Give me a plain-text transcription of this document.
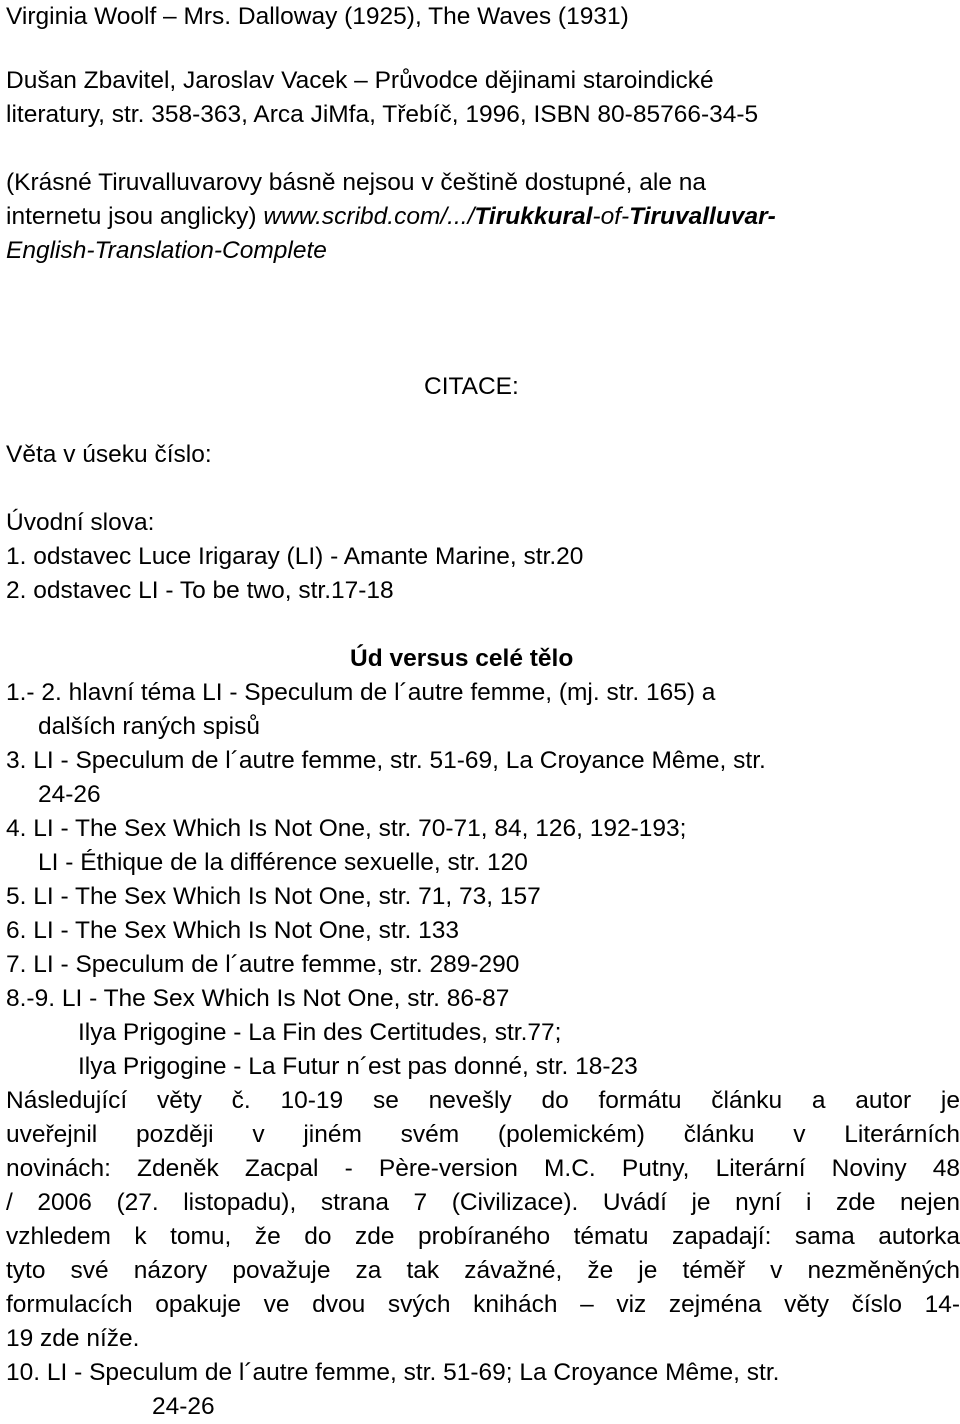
Virginia Woolf – Mrs. Dalloway (1925), The Waves (1931)

Dušan Zbavitel, Jaroslav Vacek – Průvodce dějinami staroindické

literatury, str. 358-363, Arca JiMfa, Třebíč, 1996, ISBN 80-85766-34-5

(Krásné Tiruvalluvarovy básně nejsou v češtině dostupné, ale na

internetu jsou anglicky) www.scribd.com/.../Tirukkural-of-Tiruvalluvar-

English-Translation-Complete

CITACE:

Věta v úseku číslo:

Úvodní slova:

1. odstavec Luce Irigaray (LI) - Amante Marine, str.20

2. odstavec LI - To be two, str.17-18

Úd versus celé tělo

1.- 2. hlavní téma LI - Speculum de l´autre femme, (mj. str. 165) a

dalších raných spisů

3. LI - Speculum de l´autre femme, str. 51-69, La Croyance Même, str.

24-26

4. LI - The Sex Which Is Not One, str. 70-71, 84, 126, 192-193;

LI - Éthique de la différence sexuelle, str. 120

5. LI - The Sex Which Is Not One, str. 71, 73, 157

6. LI - The Sex Which Is Not One, str. 133

7. LI - Speculum de l´autre femme, str. 289-290

8.-9. LI - The Sex Which Is Not One, str. 86-87

Ilya Prigogine - La Fin des Certitudes, str.77;

Ilya Prigogine - La Futur n´est pas donné, str. 18-23

Následující věty č. 10-19 se nevešly do formátu článku a autor je

uveřejnil později v jiném svém (polemickém) článku v Literárních

novinách: Zdeněk Zacpal - Père-version M.C. Putny, Literární Noviny 48

/ 2006 (27. listopadu), strana 7 (Civilizace). Uvádí je nyní i zde nejen

vzhledem k tomu, že do zde probíraného tématu zapadají: sama autorka

tyto své názory považuje za tak závažné, že je téměř v nezměněných

formulacích opakuje ve dvou svých knihách – viz zejména věty číslo 14-

19 zde níže.

10. LI - Speculum de l´autre femme, str. 51-69; La Croyance Même, str.

24-26
